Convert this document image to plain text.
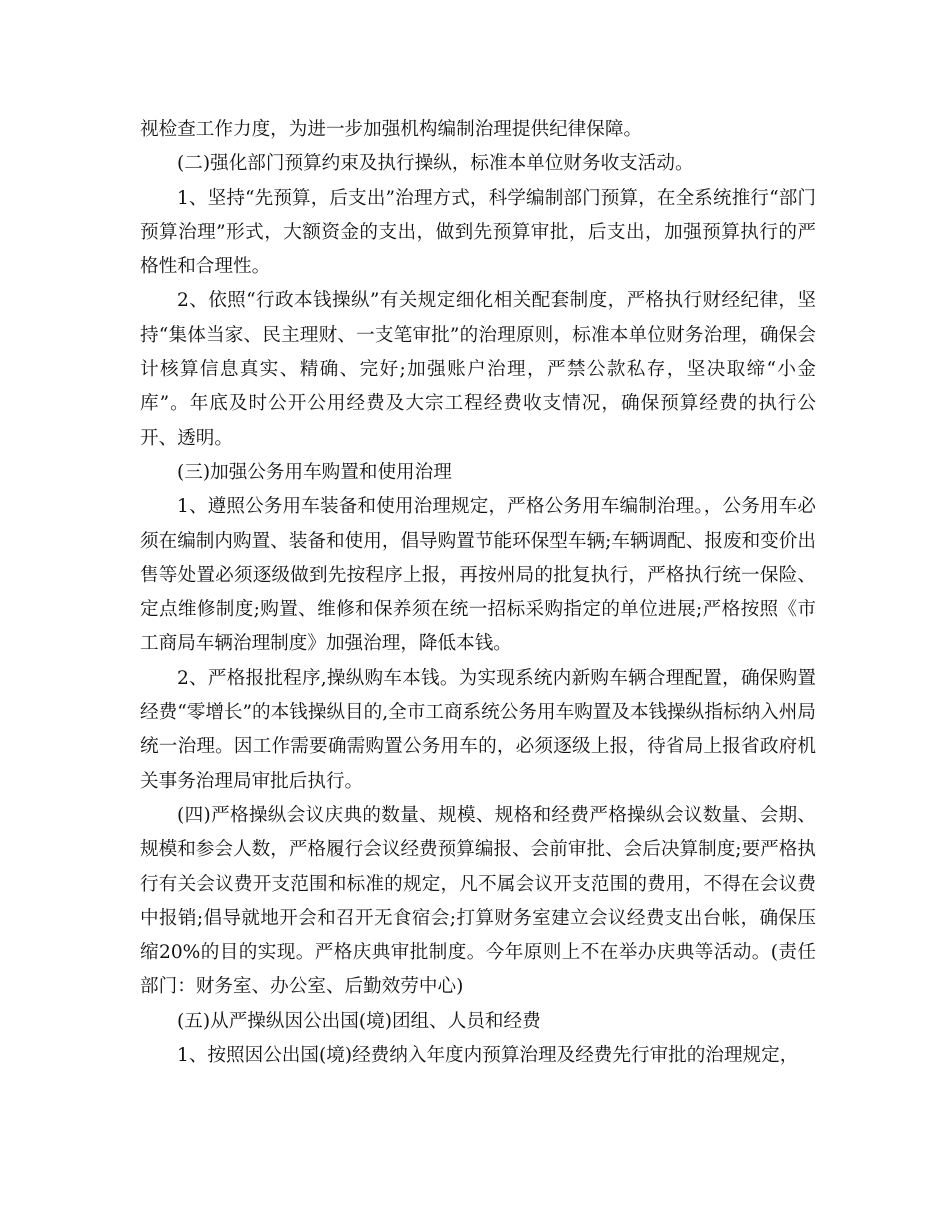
视检查工作力度，为进一步加强机构编制治理提供纪律保障。

(二)强化部门预算约束及执行操纵，标准本单位财务收支活动。

1、坚持“先预算，后支出”治理方式，科学编制部门预算，在全系统推行“部门预算治理”形式，大额资金的支出，做到先预算审批，后支出，加强预算执行的严格性和合理性。

2、依照“行政本钱操纵”有关规定细化相关配套制度，严格执行财经纪律，坚持“集体当家、民主理财、一支笔审批”的治理原则，标准本单位财务治理，确保会计核算信息真实、精确、完好;加强账户治理，严禁公款私存，坚决取缔“小金库”。年底及时公开公用经费及大宗工程经费收支情况，确保预算经费的执行公开、透明。

(三)加强公务用车购置和使用治理

1、遵照公务用车装备和使用治理规定，严格公务用车编制治理。，公务用车必须在编制内购置、装备和使用，倡导购置节能环保型车辆;车辆调配、报废和变价出售等处置必须逐级做到先按程序上报，再按州局的批复执行，严格执行统一保险、定点维修制度;购置、维修和保养须在统一招标采购指定的单位进展;严格按照《市工商局车辆治理制度》加强治理，降低本钱。

2、严格报批程序,操纵购车本钱。为实现系统内新购车辆合理配置，确保购置经费“零增长”的本钱操纵目的,全市工商系统公务用车购置及本钱操纵指标纳入州局统一治理。因工作需要确需购置公务用车的，必须逐级上报，待省局上报省政府机关事务治理局审批后执行。

(四)严格操纵会议庆典的数量、规模、规格和经费严格操纵会议数量、会期、规模和参会人数，严格履行会议经费预算编报、会前审批、会后决算制度;要严格执行有关会议费开支范围和标准的规定，凡不属会议开支范围的费用，不得在会议费中报销;倡导就地开会和召开无食宿会;打算财务室建立会议经费支出台帐，确保压缩20%的目的实现。严格庆典审批制度。今年原则上不在举办庆典等活动。(责任部门：财务室、办公室、后勤效劳中心)

(五)从严操纵因公出国(境)团组、人员和经费

1、按照因公出国(境)经费纳入年度内预算治理及经费先行审批的治理规定，
